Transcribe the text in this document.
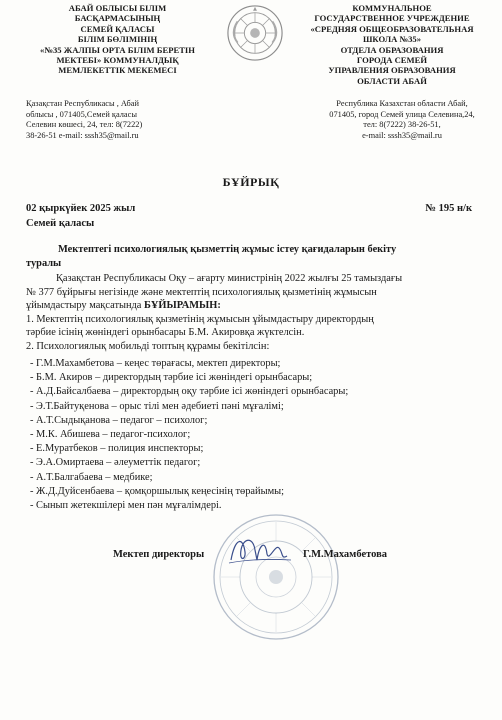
АБАЙ ОБЛЫСЫ БІЛІМ
БАСҚАРМАСЫНЫҢ
СЕМЕЙ ҚАЛАСЫ
БІЛІМ БӨЛІМІНІҢ
«№35 ЖАЛПЫ ОРТА БІЛІМ БЕРЕТІН
МЕКТЕБІ» КОММУНАЛДЫҚ
МЕМЛЕКЕТТІК МЕКЕМЕСІ
КОММУНАЛЬНОЕ
ГОСУДАРСТВЕННОЕ УЧРЕЖДЕНИЕ
«СРЕДНЯЯ ОБЩЕОБРАЗОВАТЕЛЬНАЯ
ШКОЛА №35»
ОТДЕЛА ОБРАЗОВАНИЯ
ГОРОДА СЕМЕЙ
УПРАВЛЕНИЯ ОБРАЗОВАНИЯ
ОБЛАСТИ АБАЙ
Қазақстан Республикасы , Абай
облысы , 071405,Семей қаласы
Селевин көшесі, 24, тел: 8(7222)
38-26-51 e-mail: sssh35@mail.ru
Республика Казахстан области Абай,
071405, город Семей улица Селевина,24,
тел: 8(7222) 38-26-51,
e-mail: sssh35@mail.ru
БҰЙРЫҚ
02 қыркүйек 2025 жыл	№ 195 н/к
Семей қаласы
Мектептегі психологиялық қызметтің жұмыс істеу қағидаларын бекіту
туралы
Қазақстан Республикасы Оқу – ағарту министрінің 2022 жылғы 25 тамыздағы
№ 377 бұйрығы негізінде және мектептің психологиялық қызметінің жұмысын
ұйымдастыру мақсатында БҰЙЫРАМЫН:
1. Мектептің психологиялық қызметінің жұмысын ұйымдастыру директордың
тәрбие ісінің жөніндегі орынбасары Б.М. Акировқа жүктелсін.
2. Психологиялық мобильді топтың құрамы бекітілсін:
- Г.М.Махамбетова – кеңес төрағасы, мектеп директоры;
- Б.М. Акиров – директордың тәрбие ісі жөніндегі орынбасары;
- А.Д.Байсалбаева – директордың оқу тәрбие ісі жөніндегі орынбасары;
- Э.Т.Байтуқенова – орыс тілі мен әдебиеті пәні мұғалімі;
- А.Т.Сыдықанова – педагог – психолог;
- М.К. Абишева – педагог-психолог;
- Е.Муратбеков – полиция инспекторы;
- Э.А.Омиртаева – әлеуметтік педагог;
- А.Т.Балгабаева – медбике;
- Ж.Д.Дуйсенбаева – қомқоршылық кеңесінің төрайымы;
- Сынып жетекшілері мен пән мұғалімдері.
Мектеп директоры	Г.М.Махамбетова
